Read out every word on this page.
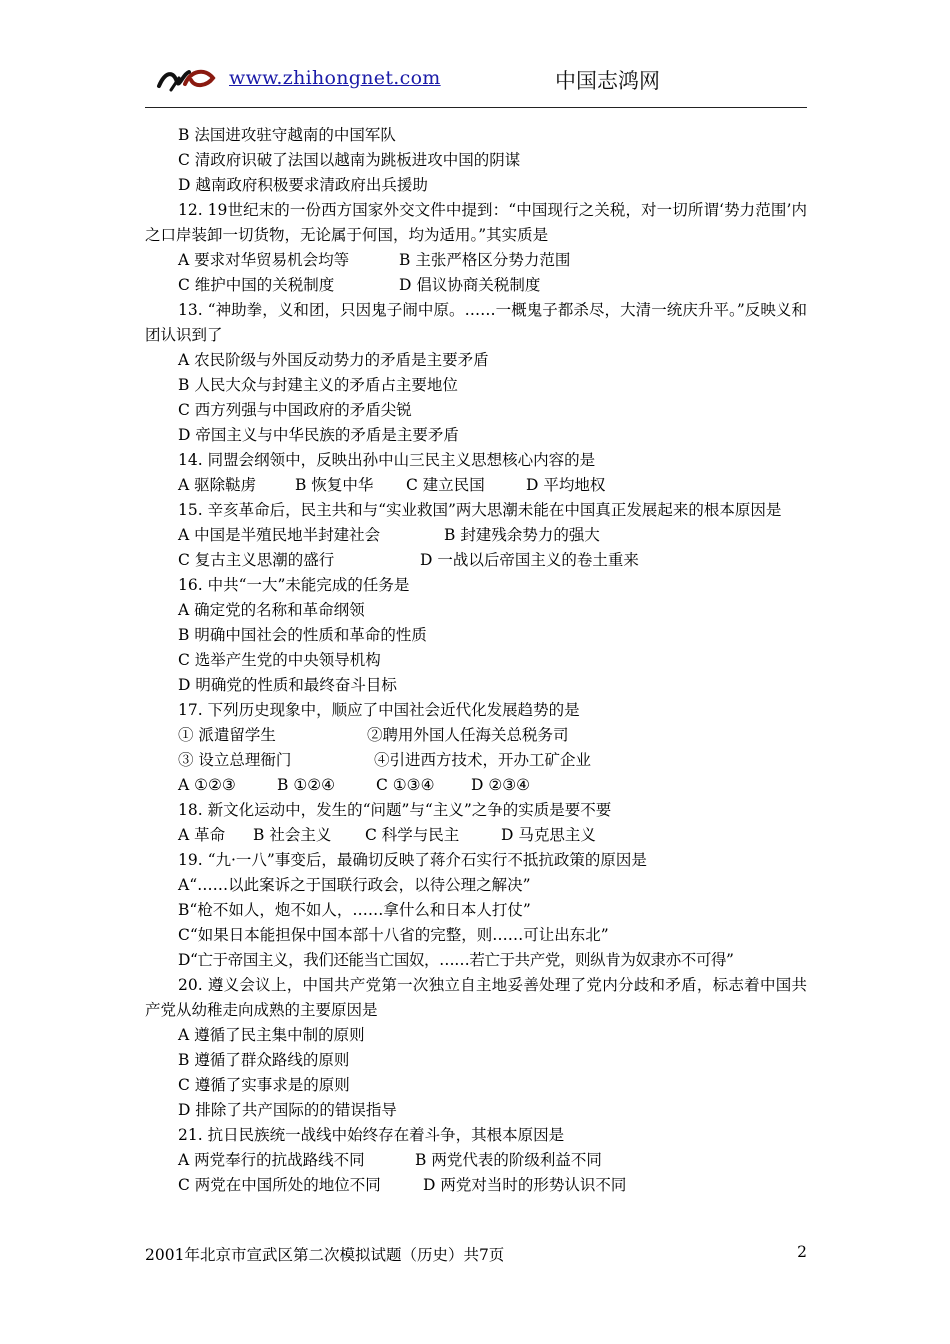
www.zhihongnet.com	中国志鸿网
B 法国进攻驻守越南的中国军队
C 清政府识破了法国以越南为跳板进攻中国的阴谋
D 越南政府积极要求清政府出兵援助
12. 19世纪末的一份西方国家外交文件中提到：“中国现行之关税，对一切所谓‘势力范围’内之口岸装卸一切货物，无论属于何国，均为适用。”其实质是
A 要求对华贸易机会均等	B 主张严格区分势力范围
C 维护中国的关税制度	D 倡议协商关税制度
13. “神助拳，义和团，只因鬼子闹中原。……一概鬼子都杀尽，大清一统庆升平。”反映义和团认识到了
A 农民阶级与外国反动势力的矛盾是主要矛盾
B 人民大众与封建主义的矛盾占主要地位
C 西方列强与中国政府的矛盾尖锐
D 帝国主义与中华民族的矛盾是主要矛盾
14. 同盟会纲领中，反映出孙中山三民主义思想核心内容的是
A 驱除鞑虏	B 恢复中华	C 建立民国	D 平均地权
15. 辛亥革命后，民主共和与“实业救国”两大思潮未能在中国真正发展起来的根本原因是
A 中国是半殖民地半封建社会	B 封建残余势力的强大
C 复古主义思潮的盛行	D 一战以后帝国主义的卷土重来
16. 中共“一大”未能完成的任务是
A 确定党的名称和革命纲领
B 明确中国社会的性质和革命的性质
C 选举产生党的中央领导机构
D 明确党的性质和最终奋斗目标
17. 下列历史现象中，顺应了中国社会近代化发展趋势的是
① 派遣留学生	②聘用外国人任海关总税务司
③ 设立总理衙门	④引进西方技术，开办工矿企业
A ①②③	B ①②④	C ①③④	D ②③④
18. 新文化运动中，发生的“问题”与“主义”之争的实质是要不要
A 革命	B 社会主义	C 科学与民主	D 马克思主义
19. “九·一八”事变后，最确切反映了蒋介石实行不抵抗政策的原因是
A“……以此案诉之于国联行政会，以待公理之解决”
B“枪不如人，炮不如人，……拿什么和日本人打仗”
C“如果日本能担保中国本部十八省的完整，则……可让出东北”
D“亡于帝国主义，我们还能当亡国奴，……若亡于共产党，则纵肯为奴隶亦不可得”
20. 遵义会议上，中国共产党第一次独立自主地妥善处理了党内分歧和矛盾，标志着中国共产党从幼稚走向成熟的主要原因是
A 遵循了民主集中制的原则
B 遵循了群众路线的原则
C 遵循了实事求是的原则
D 排除了共产国际的的错误指导
21. 抗日民族统一战线中始终存在着斗争，其根本原因是
A 两党奉行的抗战路线不同	B 两党代表的阶级利益不同
C 两党在中国所处的地位不同	D 两党对当时的形势认识不同
2001年北京市宣武区第二次模拟试题（历史）共7页	2
